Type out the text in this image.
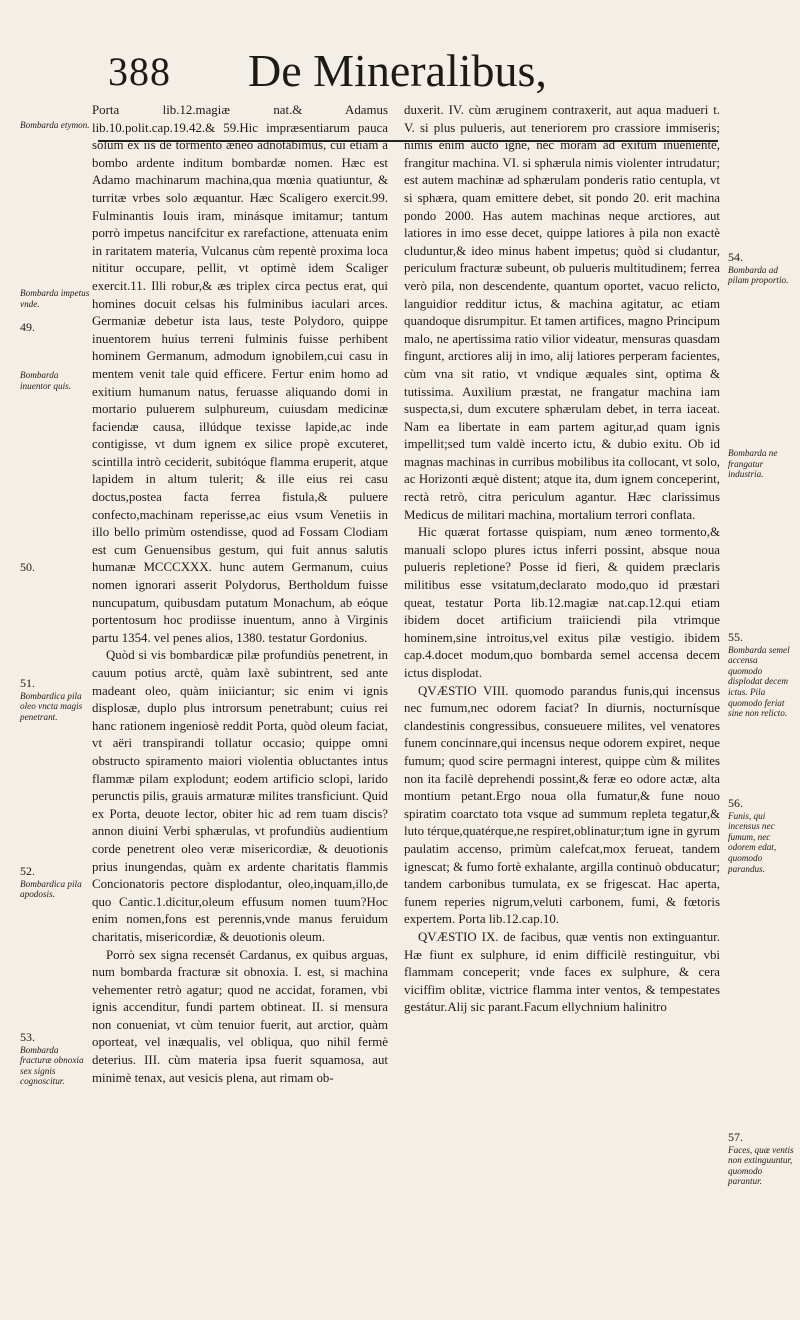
388 De Mineralibus,

Porta lib.12.magiæ nat.& Adamus lib.10.polit.cap.19.42.& 59.Hic impræsentiarum pauca solum ex iis de tormento æneo adnotabimus, cui etiam à bombo ardente inditum bombardæ nomen. Hæc est Adamo machinarum machina,qua mœnia quatiuntur, & turritæ vrbes solo æquantur. Hæc Scaligero exercit.99. Fulminantis Iouis iram, minásque imitamur; tantum porrò impetus nancifcitur ex rarefactione, attenuata enim in raritatem materia, Vulcanus cùm repentè proxima loca nititur occupare, pellit, vt optimè idem Scaliger exercit.11. Illi robur,& æs triplex circa pectus erat, qui homines docuit celsas his fulminibus iaculari arces. Germaniæ debetur ista laus, teste Polydoro, quippe inuentorem huius terreni fulminis fuisse perhibent hominem Germanum, admodum ignobilem,cui casu in mentem venit tale quid efficere. Fertur enim homo ad exitium humanum natus, feruasse aliquando domi in mortario puluerem sulphureum, cuiusdam medicinæ faciendæ causa, illúdque texisse lapide,ac inde contigisse, vt dum ignem ex silice propè excuteret, scintilla intrò ceciderit, subitóque flamma eruperit, atque lapidem in altum tulerit; & ille eius rei casu doctus,postea facta ferrea fistula,& puluere confecto,machinam reperisse,ac eius vsum Venetiis in illo bello primùm ostendisse, quod ad Fossam Clodiam est cum Genuensibus gestum, qui fuit annus salutis humanæ MCCCXXX. hunc autem Germanum, cuius nomen ignorari asserit Polydorus, Bertholdum fuisse nuncupatum, quibusdam putatum Monachum, ab eóque portentosum hoc prodiisse inuentum, anno à Virginis partu 1354. vel penes alios, 1380. testatur Gordonius.

Quòd si vis bombardicæ pilæ profundiùs penetrent, in cauum potius arctè, quàm laxè subintrent, sed ante madeant oleo, quàm iniiciantur; sic enim vi ignis displosæ, duplo plus introrsum penetrabunt; cuius rei hanc rationem ingeniosè reddit Porta, quòd oleum faciat, vt aëri transpirandi tollatur occasio; quippe omni obstructo spiramento maiori violentia obluctantes intus flammæ pilam explodunt; eodem artificio sclopi, larido perunctis pilis, grauis armaturæ milites transficiunt. Quid ex Porta, deuote lector, obiter hic ad rem tuam discis? annon diuini Verbi sphærulas, vt profundiùs audientium corde penetrent oleo veræ misericordiæ, & deuotionis prius inungendas, quàm ex ardente charitatis flammis Concionatoris pectore displodantur, oleo,inquam,illo,de quo Cantic.1.dicitur,oleum effusum nomen tuum?Hoc enim nomen,fons est perennis,vnde manus feruidum charitatis, misericordiæ, & deuotionis oleum.

Porrò sex signa recensét Cardanus, ex quibus arguas, num bombarda fracturæ sit obnoxia. I. est, si machina vehementer retrò agatur; quod ne accidat, foramen, vbi ignis accenditur, fundi partem obtineat. II. si mensura non conueniat, vt cùm tenuior fuerit, aut arctior, quàm oporteat, vel inæqualis, vel obliqua, quo nihil fermè deterius. III. cùm materia ipsa fuerit squamosa, aut minimè tenax, aut vesicis plena, aut rimam ob-

duxerit. IV. cùm æruginem contraxerit, aut aqua madueri t. V. si plus pulueris, aut teneriorem pro crassiore immiseris; nimis enim aucto igne, nec moram ad exitum inuenienté, frangitur machina. VI. si sphærula nimis violenter intrudatur; est autem machinæ ad sphærulam ponderis ratio centupla, vt si sphæra, quam emittere debet, sit pondo 20. erit machina pondo 2000. Has autem machinas neque arctiores, aut latiores in imo esse decet, quippe latiores à pila non exactè cluduntur,& ideo minus habent impetus; quòd si cludantur, periculum fracturæ subeunt, ob pulueris multitudinem; ferrea verò pila, non descendente, quantum oportet, vacuo relicto, languidior redditur ictus, & machina agitatur, ac etiam quandoque disrumpitur. Et tamen artifices, magno Principum malo, ne apertissima ratio vilior videatur, mensuras quasdam fingunt, arctiores alij in imo, alij latiores perperam facientes, cùm vna sit ratio, vt vndique æquales sint, optima & tutissima. Auxilium præstat, ne frangatur machina iam suspecta,si, dum excutere sphærulam debet, in terra iaceat. Nam ea libertate in eam partem agitur,ad quam ignis impellit;sed tum valdè incerto ictu, & dubio exitu. Ob id magnas machinas in curribus mobilibus ita collocant, vt solo, ac Horizonti æquè distent; atque ita, dum ignem conceperint, rectà retrò, citra periculum agantur. Hæc clarissimus Medicus de militari machina, mortalium terrori conflata.

Hic quærat fortasse quispiam, num æneo tormento,& manuali sclopo plures ictus inferri possint, absque noua pulueris repletione? Posse id fieri, & quidem præclaris militibus esse vsitatum,declarato modo,quo id præstari queat, testatur Porta lib.12.magiæ nat.cap.12.qui etiam ibidem docet artificium traiiciendi pila vtrimque hominem,sine introitus,vel exitus pilæ vestigio. ibidem cap.4.docet modum,quo bombarda semel accensa decem ictus displodat.

QVÆSTIO VIII. quomodo parandus funis,qui incensus nec fumum,nec odorem faciat? In diurnis, nocturnísque clandestinis congressibus, consueuere milites, vel venatores funem concinnare,qui incensus neque odorem expiret, neque fumum; quod scire permagni interest, quippe cùm & milites non ita facilè deprehendi possint,& feræ eo odore actæ, alta montium petant.Ergo noua olla fumatur,& fune nouo spiratim coarctato tota vsque ad summum repleta tegatur,& luto térque,quatérque,ne respiret,oblinatur;tum igne in gyrum paulatim accenso, primùm calefcat,mox ferueat, tandem ignescat; & fumo fortè exhalante, argilla continuò obducatur; tandem carbonibus tumulata, ex se frigescat. Hac aperta, funem reperies nigrum,veluti carbonem, fumi, & fœtoris expertem. Porta lib.12.cap.10.

QVÆSTIO IX. de facibus, quæ ventis non extinguantur. Hæ fiunt ex sulphure, id enim difficilè restinguitur, vbi flammam conceperit; vnde faces ex sulphure, & cera viciffim oblitæ, victrice flamma inter ventos, & tempestates gestátur.Alij sic parant.Facum ellychnium halinitro

Bombarda etymon.
Bombarda impetus vnde.
49.
Bombarda inuentor quis.
50.
51.
Bombardica pila oleo vncta magis penetrant.
52.
Bombardica pila apodosis.
53.
Bombarda fracturæ obnoxia sex signis cognoscitur.
54.
Bombarda ad pilam proportio.
Bombarda ne frangatur industria.
55.
Bombarda semel accensa quomodo displodat decem ictus. Pila quomodo feriat sine non relicto.
56.
Funis, qui incensus nec fumum, nec odorem edat, quomodo parandus.
57.
Faces, quæ ventis non extinguuntur, quomodo parantur.
